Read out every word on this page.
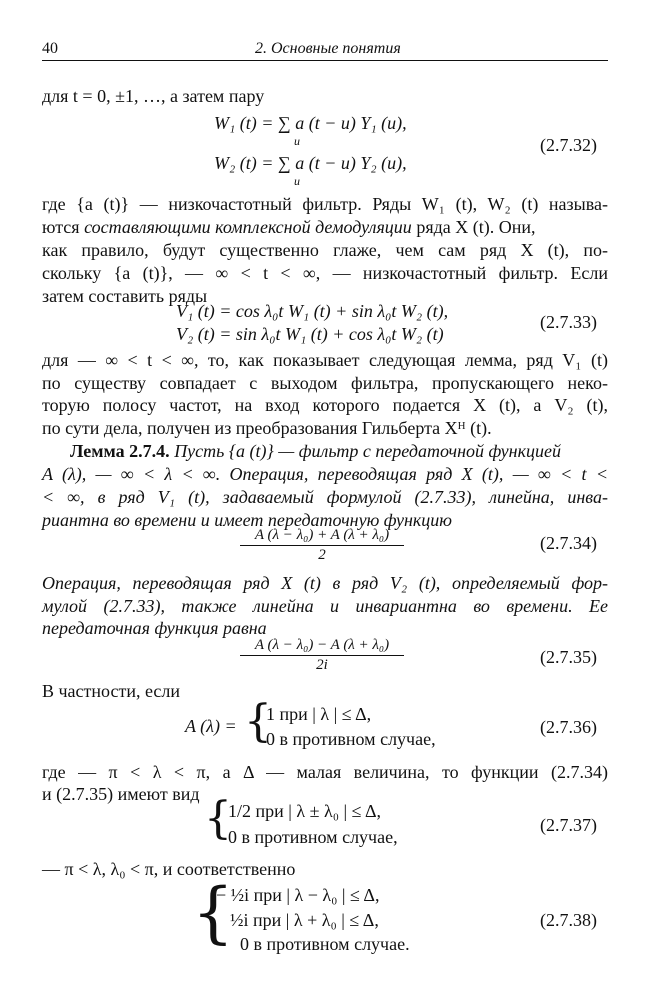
40	2. Основные понятия
для t = 0, ±1, …, а затем пару
W₁ (t) = ∑ a (t − u) Y₁ (u),
u
W₂ (t) = ∑ a (t − u) Y₂ (u),
u
(2.7.32)
где {a (t)} — низкочастотный фильтр. Ряды W₁ (t), W₂ (t) называ-
ются составляющими комплексной демодуляции ряда X (t). Они,
как правило, будут существенно глаже, чем сам ряд X (t), по-
скольку {a (t)}, — ∞ < t < ∞, — низкочастотный фильтр. Если
затем составить ряды
V₁ (t) = cos λ₀t W₁ (t) + sin λ₀t W₂ (t),
V₂ (t) = sin λ₀t W₁ (t) + cos λ₀t W₂ (t)
(2.7.33)
для — ∞ < t < ∞, то, как показывает следующая лемма, ряд V₁ (t)
по существу совпадает с выходом фильтра, пропускающего неко-
торую полосу частот, на вход которого подается X (t), а V₂ (t),
по сути дела, получен из преобразования Гильберта Xᴴ (t).
Лемма 2.7.4. Пусть {a (t)} — фильтр с передаточной функцией
A (λ), — ∞ < λ < ∞. Операция, переводящая ряд X (t), — ∞ < t <
< ∞, в ряд V₁ (t), задаваемый формулой (2.7.33), линейна, инва-
риантна во времени и имеет передаточную функцию
$\frac{\text{A (λ − λ₀) + A (λ + λ₀)}}{2}$	(2.7.34)
Операция, переводящая ряд X (t) в ряд V₂ (t), определяемый фор-
мулой (2.7.33), также линейна и инвариантна во времени. Ее
передаточная функция равна
$\frac{\text{A (λ − λ₀) − A (λ + λ₀)}}{2i}$	(2.7.35)
В частности, если
A (λ) = {
1 при | λ | ≤ Δ,
0 в противном случае,
(2.7.36)
где — π < λ < π, а Δ — малая величина, то функции (2.7.34)
и (2.7.35) имеют вид {
1/2 при | λ ± λ₀ | ≤ Δ,
0 в противном случае,
(2.7.37)
— π < λ, λ₀ < π, и соответственно
{
− ½i при | λ − λ₀ | ≤ Δ,
½i при | λ + λ₀ | ≤ Δ,
0 в противном случае.
(2.7.38)
